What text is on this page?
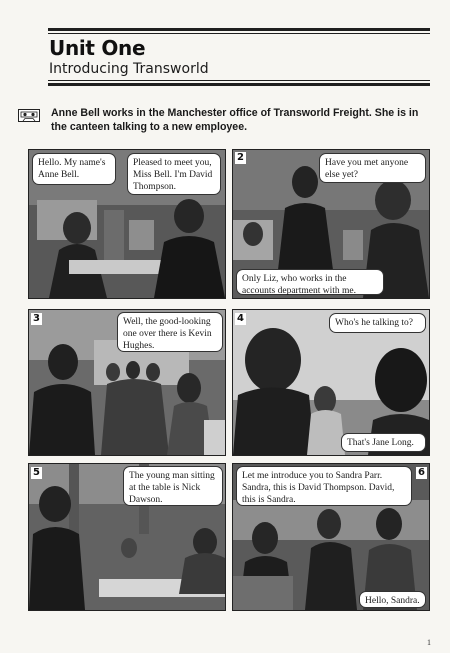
Unit One
Introducing Transworld
Anne Bell works in the Manchester office of Transworld Freight. She is in the canteen talking to a new employee.
Hello. My name's Anne Bell.
Pleased to meet you, Miss Bell. I'm David Thompson.
2	Have you met anyone else yet?
Only Liz, who works in the accounts department with me.
3	Well, the good-looking one over there is Kevin Hughes.
4	Who's he talking to?
That's Jane Long.
5	The young man sitting at the table is Nick Dawson.
6
Let me introduce you to Sandra Parr. Sandra, this is David Thompson. David, this is Sandra.
Hello, Sandra.
1
